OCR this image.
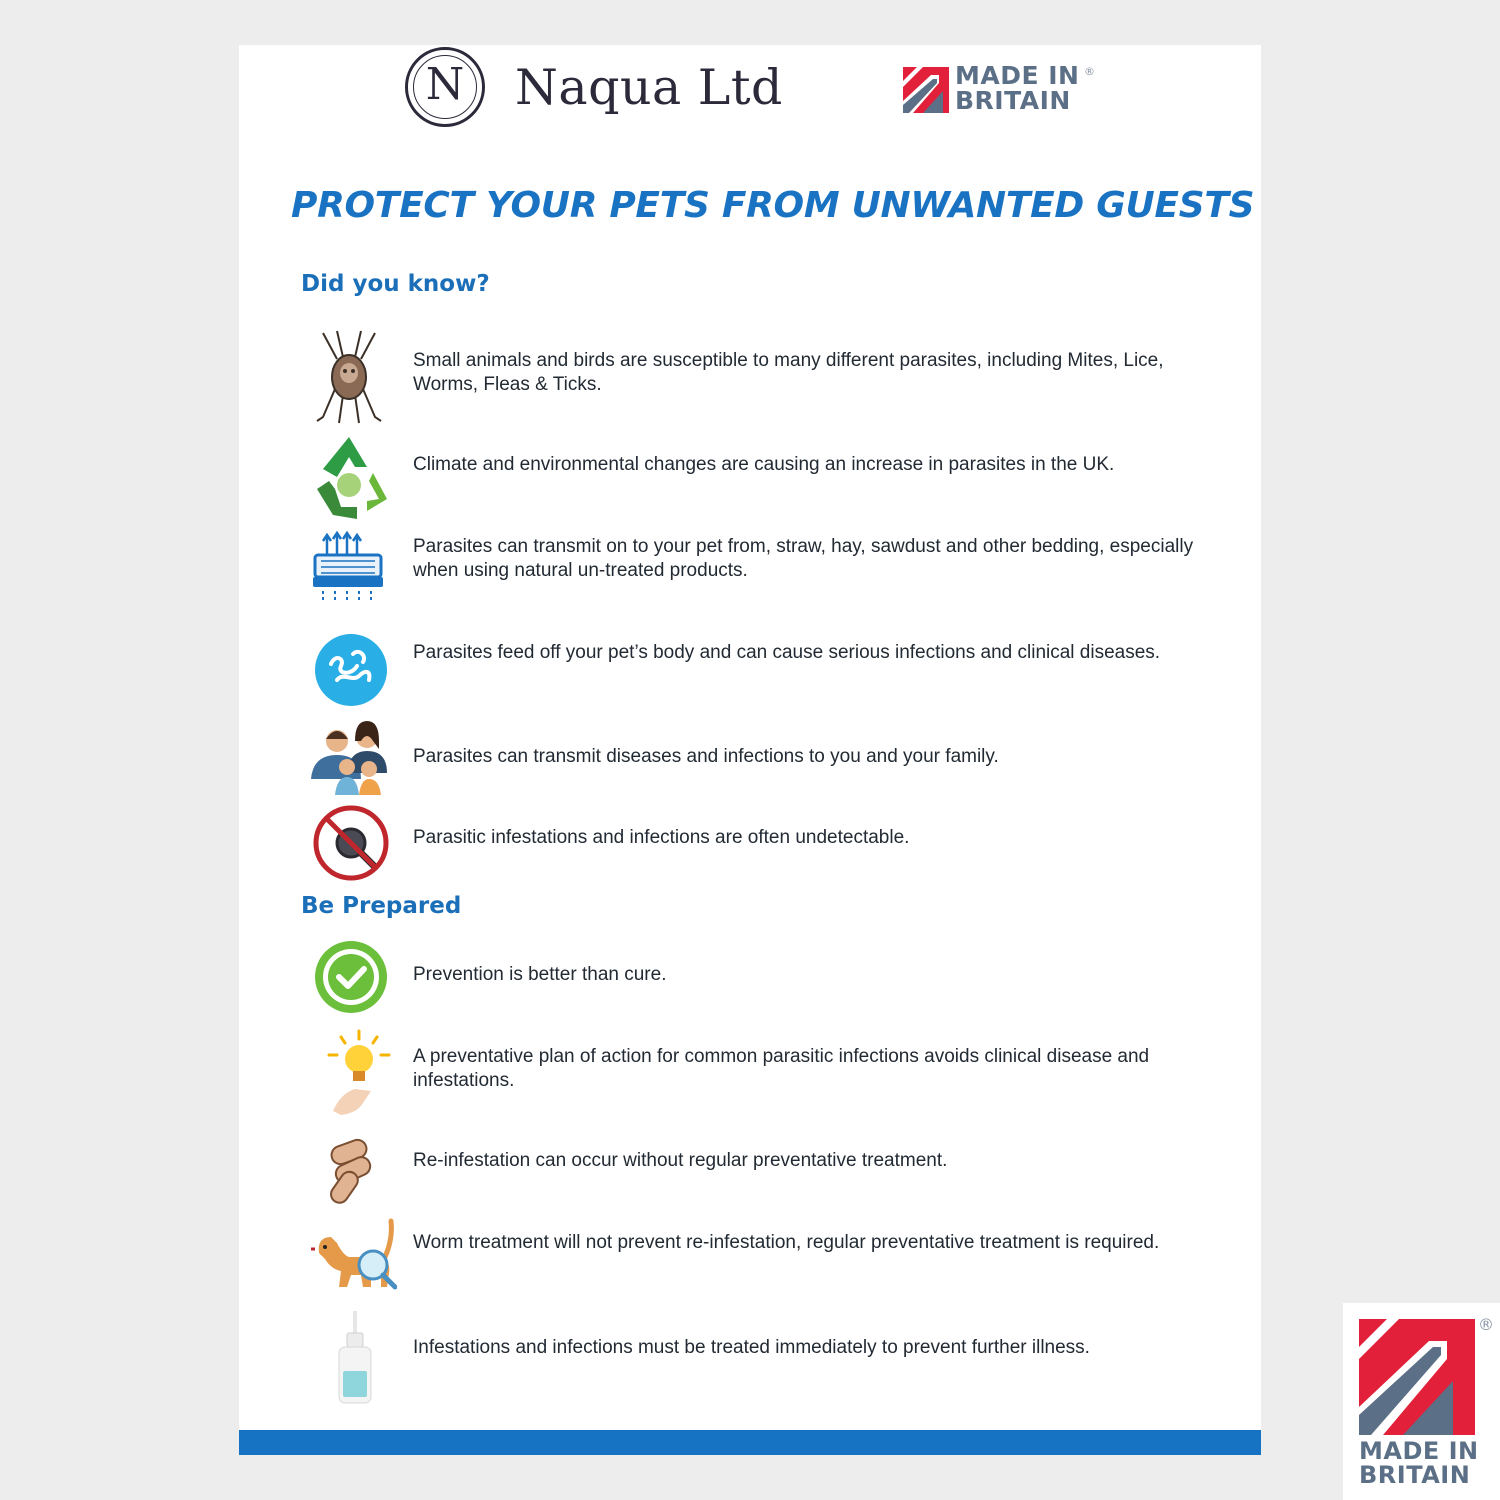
N Naqua Ltd	MADE IN
BRITAIN
®
PROTECT YOUR PETS FROM UNWANTED GUESTS
Did you know?
Small animals and birds are susceptible to many different parasites, including Mites, Lice, Worms, Fleas & Ticks.
Climate and environmental changes are causing an increase in parasites in the UK.
Parasites can transmit on to your pet from, straw, hay, sawdust and other bedding, especially when using natural un-treated products.
Parasites feed off your pet’s body and can cause serious infections and clinical diseases.
Parasites can transmit diseases and infections to you and your family.
Parasitic infestations and infections are often undetectable.
Be Prepared
Prevention is better than cure.
A preventative plan of action for common parasitic infections avoids clinical disease and infestations.
Re-infestation can occur without regular preventative treatment.
Worm treatment will not prevent re-infestation, regular preventative treatment is required.
Infestations and infections must be treated immediately to prevent further illness.
®
MADE IN
BRITAIN
